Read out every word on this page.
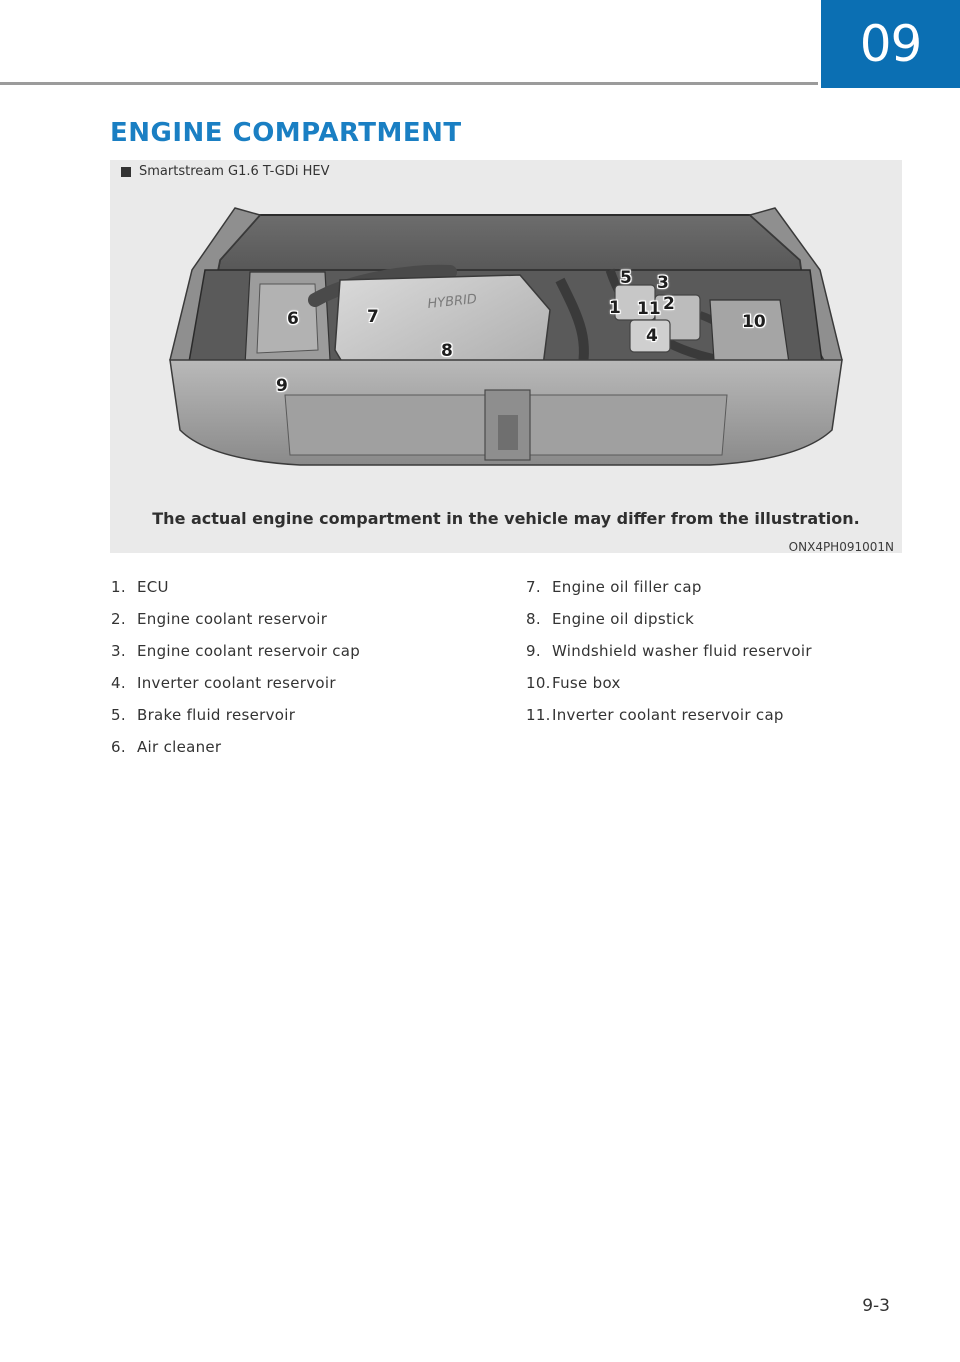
09
ENGINE COMPARTMENT
HYBRID
Smartstream G1.6 T-GDi HEV
1 2
3
4
5
6	7
8
9
10
11
The actual engine compartment in the vehicle may differ from the illustration.
ONX4PH091001N
1. ECU
2. Engine coolant reservoir
3. Engine coolant reservoir cap
4. Inverter coolant reservoir
5. Brake fluid reservoir
6. Air cleaner
7. Engine oil filler cap
8. Engine oil dipstick
9. Windshield washer fluid reservoir
10. Fuse box
11. Inverter coolant reservoir cap
9-3
